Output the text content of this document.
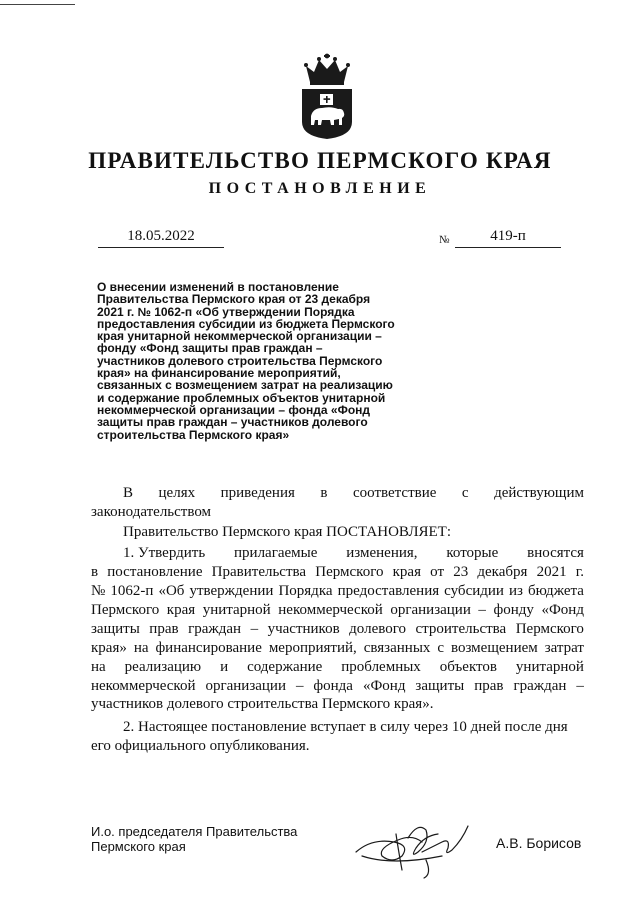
ПРАВИТЕЛЬСТВО ПЕРМСКОГО КРАЯ
ПОСТАНОВЛЕНИЕ
18.05.2022	№	419-п
О внесении изменений в постановление
Правительства Пермского края от 23 декабря
2021 г. № 1062-п «Об утверждении Порядка
предоставления субсидии из бюджета Пермского
края унитарной некоммерческой организации –
фонду «Фонд защиты прав граждан –
участников долевого строительства Пермского
края» на финансирование мероприятий,
связанных с возмещением затрат на реализацию
и содержание проблемных объектов унитарной
некоммерческой организации – фонда «Фонд
защиты прав граждан – участников долевого
строительства Пермского края»
В целях приведения в соответствие с действующим
законодательством
Правительство Пермского края ПОСТАНОВЛЯЕТ:
1. Утвердить прилагаемые изменения, которые вносятся
в постановление Правительства Пермского края от 23 декабря 2021 г.
№ 1062-п «Об утверждении Порядка предоставления субсидии из бюджета
Пермского края унитарной некоммерческой организации – фонду «Фонд
защиты прав граждан – участников долевого строительства Пермского
края» на финансирование мероприятий, связанных с возмещением затрат
на реализацию и содержание проблемных объектов унитарной
некоммерческой организации – фонда «Фонд защиты прав граждан –
участников долевого строительства Пермского края».
2. Настоящее постановление вступает в силу через 10 дней после дня
его официального опубликования.
И.о. председателя Правительства
Пермского края	А.В. Борисов
